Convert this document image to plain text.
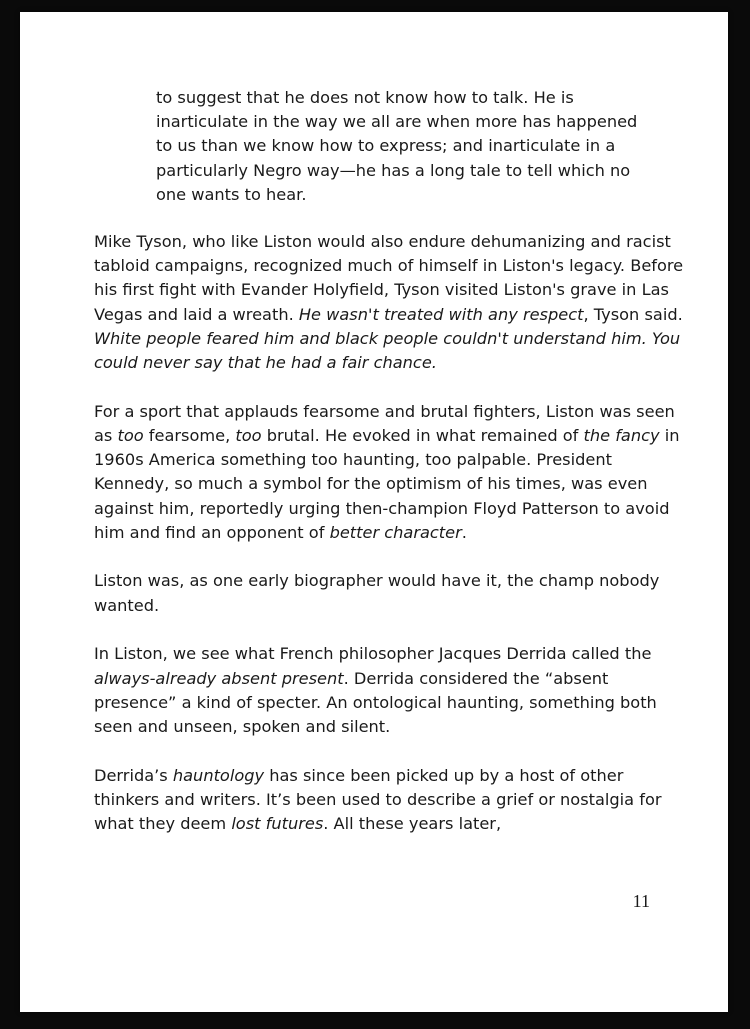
to suggest that he does not know how to talk. He is inarticulate in the way we all are when more has happened to us than we know how to express; and inarticulate in a particularly Negro way—he has a long tale to tell which no one wants to hear.

Mike Tyson, who like Liston would also endure dehumanizing and racist tabloid campaigns, recognized much of himself in Liston's legacy. Before his first fight with Evander Holyfield, Tyson visited Liston's grave in Las Vegas and laid a wreath. He wasn't treated with any respect, Tyson said. White people feared him and black people couldn't understand him. You could never say that he had a fair chance.

For a sport that applauds fearsome and brutal fighters, Liston was seen as too fearsome, too brutal. He evoked in what remained of the fancy in 1960s America something too haunting, too palpable. President Kennedy, so much a symbol for the optimism of his times, was even against him, reportedly urging then-champion Floyd Patterson to avoid him and find an opponent of better character.

Liston was, as one early biographer would have it, the champ nobody wanted.

In Liston, we see what French philosopher Jacques Derrida called the always-already absent present. Derrida considered the “absent presence” a kind of specter. An ontological haunting, something both seen and unseen, spoken and silent.

Derrida’s hauntology has since been picked up by a host of other thinkers and writers. It’s been used to describe a grief or nostalgia for what they deem lost futures. All these years later,

11
